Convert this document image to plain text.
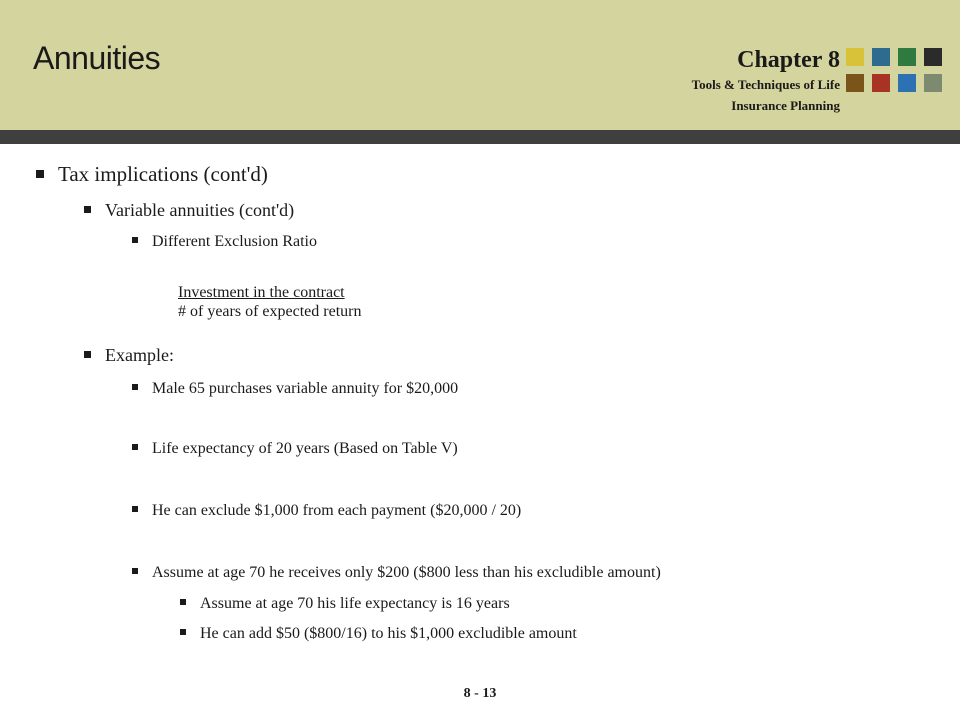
Annuities	Chapter 8
Tools & Techniques of Life
Insurance Planning
Tax implications (cont'd)
Variable annuities (cont'd)
Different Exclusion Ratio
Investment in the contract
# of years of expected return
Example:
Male 65 purchases variable annuity for $20,000
Life expectancy of 20 years (Based on Table V)
He can exclude $1,000 from each payment ($20,000 / 20)
Assume at age 70 he receives only $200 ($800 less than his excludible amount)
Assume at age 70 his life expectancy is 16 years
He can add $50 ($800/16) to his $1,000 excludible amount
8 - 13
